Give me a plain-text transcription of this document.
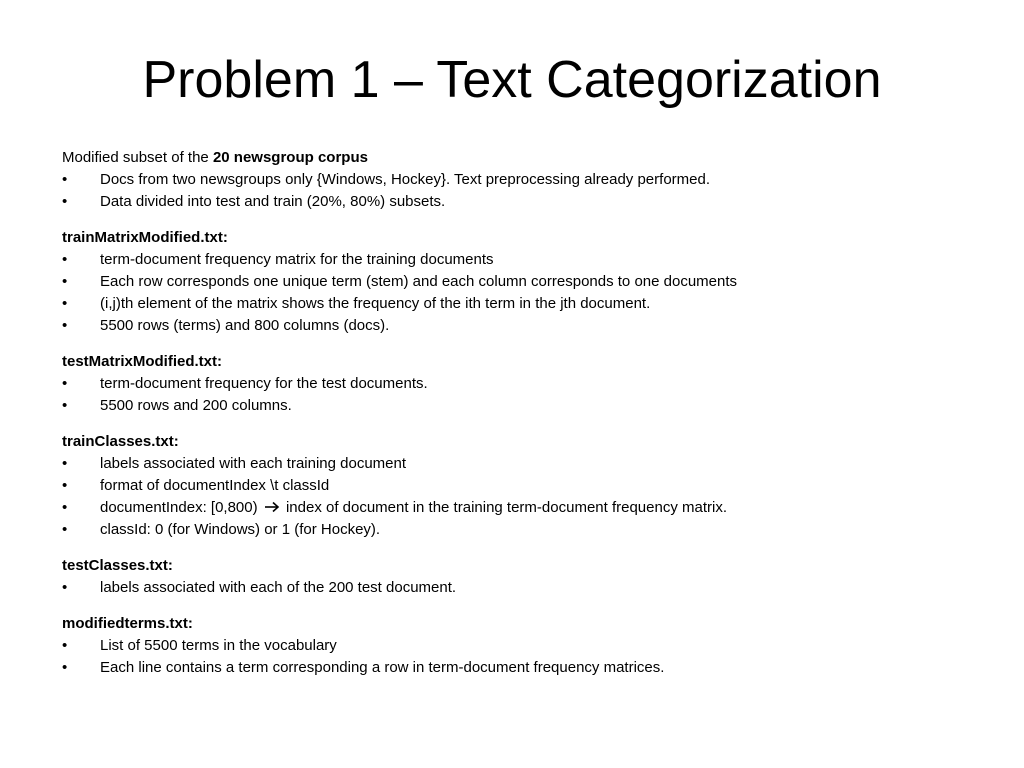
Problem 1 – Text Categorization
Modified subset of the 20 newsgroup corpus
• Docs from two newsgroups only {Windows, Hockey}. Text preprocessing already performed.
• Data divided into test and train (20%, 80%) subsets.
trainMatrixModified.txt:
• term-document frequency matrix for the training documents
• Each row corresponds one unique term (stem) and each column corresponds to one documents
• (i,j)th element of the matrix shows the frequency of the ith term in the jth document.
• 5500 rows (terms) and 800 columns (docs).
testMatrixModified.txt:
• term-document frequency for the test documents.
• 5500 rows and 200 columns.
trainClasses.txt:
• labels associated with each training document
• format of documentIndex \t classId
• documentIndex: [0,800) index of document in the training term-document frequency matrix.
• classId: 0 (for Windows) or 1 (for Hockey).
testClasses.txt:
• labels associated with each of the 200 test document.
modifiedterms.txt:
• List of 5500 terms in the vocabulary
• Each line contains a term corresponding a row in term-document frequency matrices.
